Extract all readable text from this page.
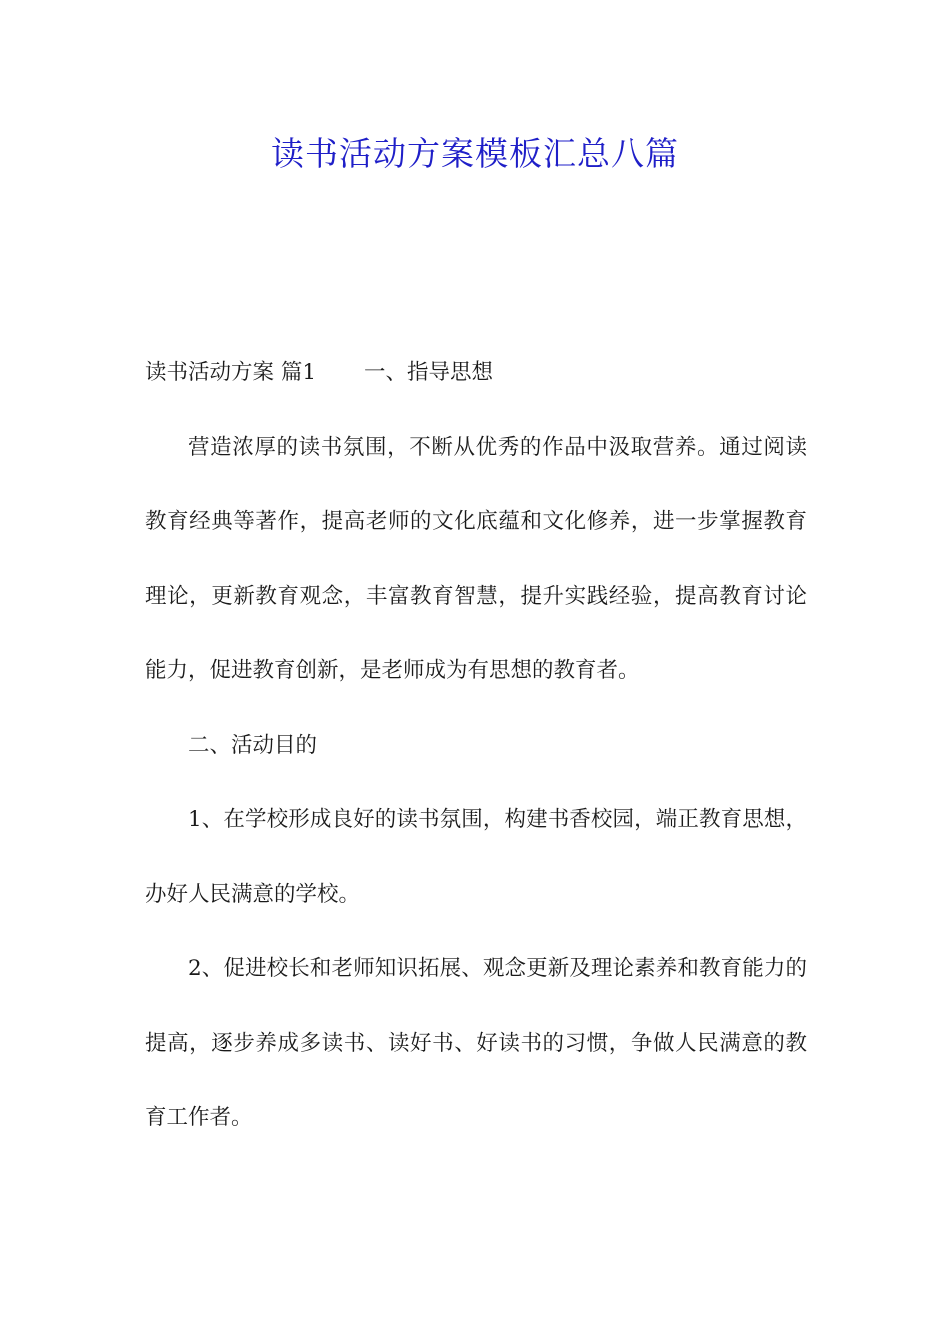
读书活动方案模板汇总八篇

读书活动方案 篇1 一、指导思想

营造浓厚的读书氛围，不断从优秀的作品中汲取营养。通过阅读教育经典等著作，提高老师的文化底蕴和文化修养，进一步掌握教育理论，更新教育观念，丰富教育智慧，提升实践经验，提高教育讨论能力，促进教育创新，是老师成为有思想的教育者。

二、活动目的

1、在学校形成良好的读书氛围，构建书香校园，端正教育思想，办好人民满意的学校。

2、促进校长和老师知识拓展、观念更新及理论素养和教育能力的提高，逐步养成多读书、读好书、好读书的习惯，争做人民满意的教育工作者。
